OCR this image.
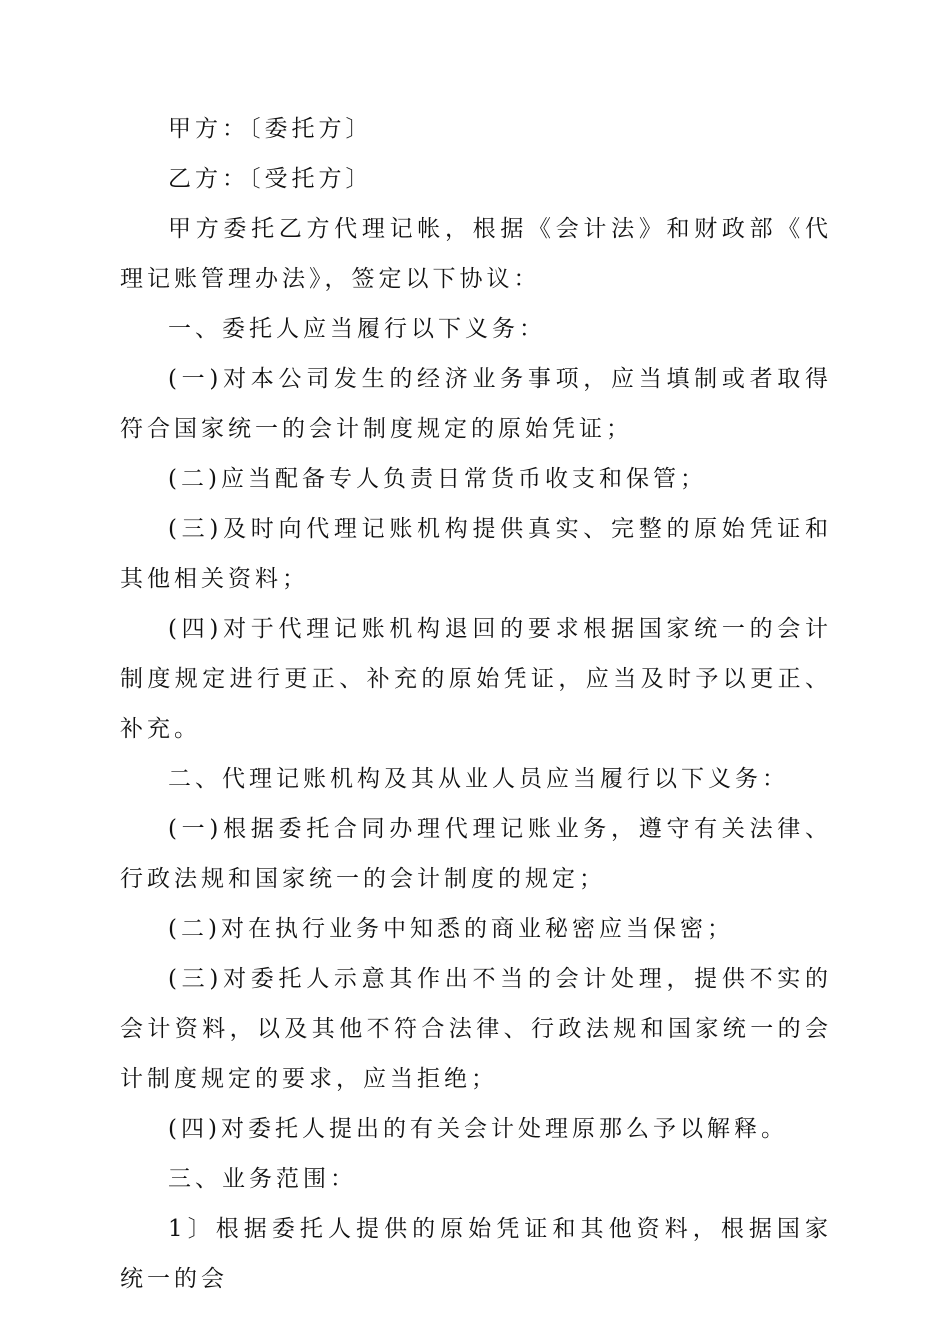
甲方：〔委托方〕

乙方：〔受托方〕

甲方委托乙方代理记帐，根据《会计法》和财政部《代理记账管理办法》，签定以下协议：

一、委托人应当履行以下义务：

(一)对本公司发生的经济业务事项，应当填制或者取得符合国家统一的会计制度规定的原始凭证；

(二)应当配备专人负责日常货币收支和保管；

(三)及时向代理记账机构提供真实、完整的原始凭证和其他相关资料；

(四)对于代理记账机构退回的要求根据国家统一的会计制度规定进行更正、补充的原始凭证，应当及时予以更正、补充。

二、代理记账机构及其从业人员应当履行以下义务：

(一)根据委托合同办理代理记账业务，遵守有关法律、行政法规和国家统一的会计制度的规定；

(二)对在执行业务中知悉的商业秘密应当保密；

(三)对委托人示意其作出不当的会计处理，提供不实的会计资料，以及其他不符合法律、行政法规和国家统一的会计制度规定的要求，应当拒绝；

(四)对委托人提出的有关会计处理原那么予以解释。

三、业务范围：

1〕根据委托人提供的原始凭证和其他资料，根据国家统一的会
